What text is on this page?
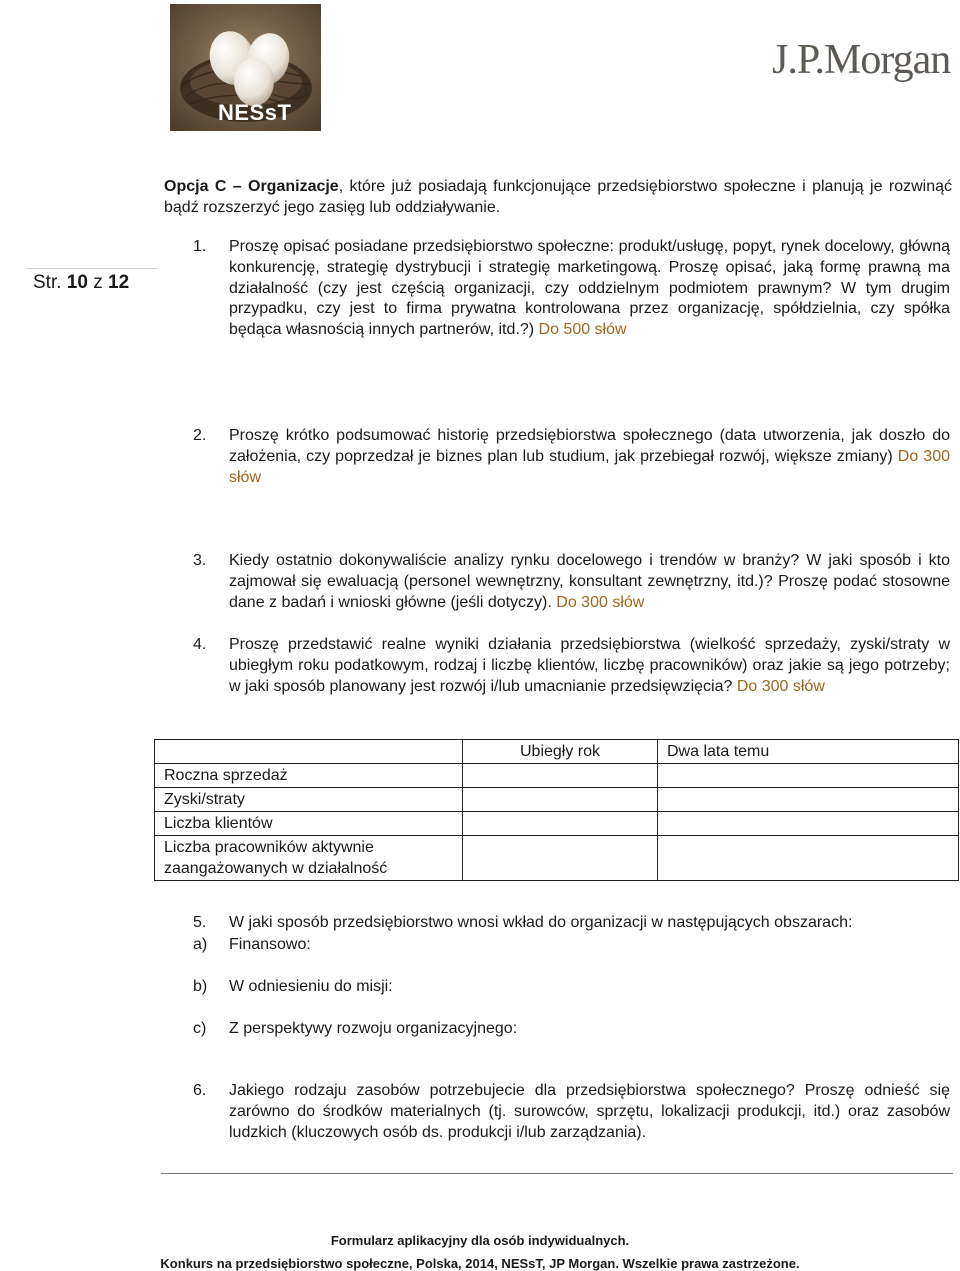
NESsT
J.P.Morgan
Str. 10 z 12
Opcja C – Organizacje, które już posiadają funkcjonujące przedsiębiorstwo społeczne i planują je rozwinąć bądź rozszerzyć jego zasięg lub oddziaływanie.
1.	Proszę opisać posiadane przedsiębiorstwo społeczne: produkt/usługę, popyt, rynek docelowy, główną konkurencję, strategię dystrybucji i strategię marketingową. Proszę opisać, jaką formę prawną ma działalność (czy jest częścią organizacji, czy oddzielnym podmiotem prawnym? W tym drugim przypadku, czy jest to firma prywatna kontrolowana przez organizację, spółdzielnia, czy spółka będąca własnością innych partnerów, itd.?) Do 500 słów
2.	Proszę krótko podsumować historię przedsiębiorstwa społecznego (data utworzenia, jak doszło do założenia, czy poprzedzał je biznes plan lub studium, jak przebiegał rozwój, większe zmiany) Do 300 słów
3.	Kiedy ostatnio dokonywaliście analizy rynku docelowego i trendów w branży? W jaki sposób i kto zajmował się ewaluacją (personel wewnętrzny, konsultant zewnętrzny, itd.)? Proszę podać stosowne dane z badań i wnioski główne (jeśli dotyczy). Do 300 słów
4.	Proszę przedstawić realne wyniki działania przedsiębiorstwa (wielkość sprzedaży, zyski/straty w ubiegłym roku podatkowym, rodzaj i liczbę klientów, liczbę pracowników) oraz jakie są jego potrzeby; w jaki sposób planowany jest rozwój i/lub umacnianie przedsięwzięcia? Do 300 słów
	Ubiegły rok	Dwa lata temu
Roczna sprzedaż		
Zyski/straty		
Liczba klientów		
Liczba pracowników aktywnie zaangażowanych w działalność		
5.	W jaki sposób przedsiębiorstwo wnosi wkład do organizacji w następujących obszarach:
a) Finansowo:
b) W odniesieniu do misji:
c) Z perspektywy rozwoju organizacyjnego:
6.	Jakiego rodzaju zasobów potrzebujecie dla przedsiębiorstwa społecznego? Proszę odnieść się zarówno do środków materialnych (tj. surowców, sprzętu, lokalizacji produkcji, itd.) oraz zasobów ludzkich (kluczowych osób ds. produkcji i/lub zarządzania).
Formularz aplikacyjny dla osób indywidualnych.
Konkurs na przedsiębiorstwo społeczne, Polska, 2014, NESsT, JP Morgan. Wszelkie prawa zastrzeżone.
